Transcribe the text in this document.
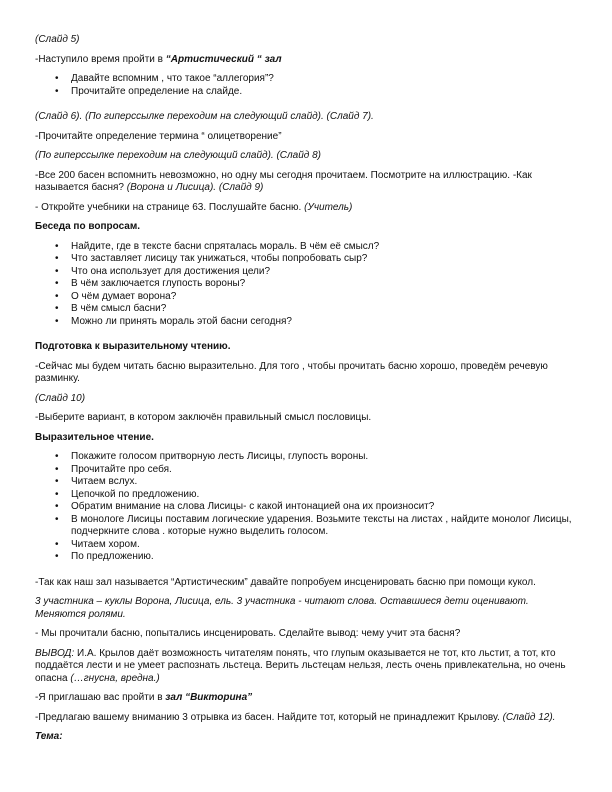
(Слайд 5)

-Наступило время пройти в “Артистический “ зал

• Давайте вспомним , что такое “аллегория”?
• Прочитайте определение на слайде.

(Слайд 6). (По гиперссылке переходим на следующий слайд). (Слайд 7).

-Прочитайте определение термина “ олицетворение”

(По гиперссылке переходим на следующий слайд). (Слайд 8)

-Все 200 басен вспомнить невозможно, но одну мы сегодня прочитаем. Посмотрите на иллюстрацию. -Как называется басня? (Ворона и Лисица). (Слайд 9)

- Откройте учебники на странице 63. Послушайте басню. (Учитель)

Беседа по вопросам.

• Найдите, где в тексте басни спряталась мораль. В чём её смысл?
• Что заставляет лисицу так унижаться, чтобы попробовать сыр?
• Что она использует для достижения цели?
• В чём заключается глупость вороны?
• О чём думает ворона?
• В чём смысл басни?
• Можно ли принять мораль этой басни сегодня?

Подготовка к выразительному чтению.

-Сейчас мы будем читать басню выразительно. Для того , чтобы прочитать басню хорошо, проведём речевую разминку.

(Слайд 10)

-Выберите вариант, в котором заключён правильный смысл пословицы.

Выразительное чтение.

• Покажите голосом притворную лесть Лисицы, глупость вороны.
• Прочитайте про себя.
• Читаем вслух.
• Цепочкой по предложению.
• Обратим внимание на слова Лисицы- с какой интонацией она их произносит?
• В монологе Лисицы поставим логические ударения. Возьмите тексты на листах , найдите монолог Лисицы, подчеркните слова . которые нужно выделить голосом.
• Читаем хором.
• По предложению.

-Так как наш зал называется “Артистическим” давайте попробуем инсценировать басню при помощи кукол.

3 участника – куклы Ворона, Лисица, ель. 3 участника - читают слова. Оставшиеся дети оценивают. Меняются ролями.

- Мы прочитали басню, попытались инсценировать. Сделайте вывод: чему учит эта басня?

ВЫВОД: И.А. Крылов даёт возможность читателям понять, что глупым оказывается не тот, кто льстит, а тот, кто поддаётся лести и не умеет распознать льстеца. Верить льстецам нельзя, лесть очень привлекательна, но очень опасна (…гнусна, вредна.)

-Я приглашаю вас пройти в зал “Викторина”

-Предлагаю вашему вниманию 3 отрывка из басен. Найдите тот, который не принадлежит Крылову. (Слайд 12).

Тема:
